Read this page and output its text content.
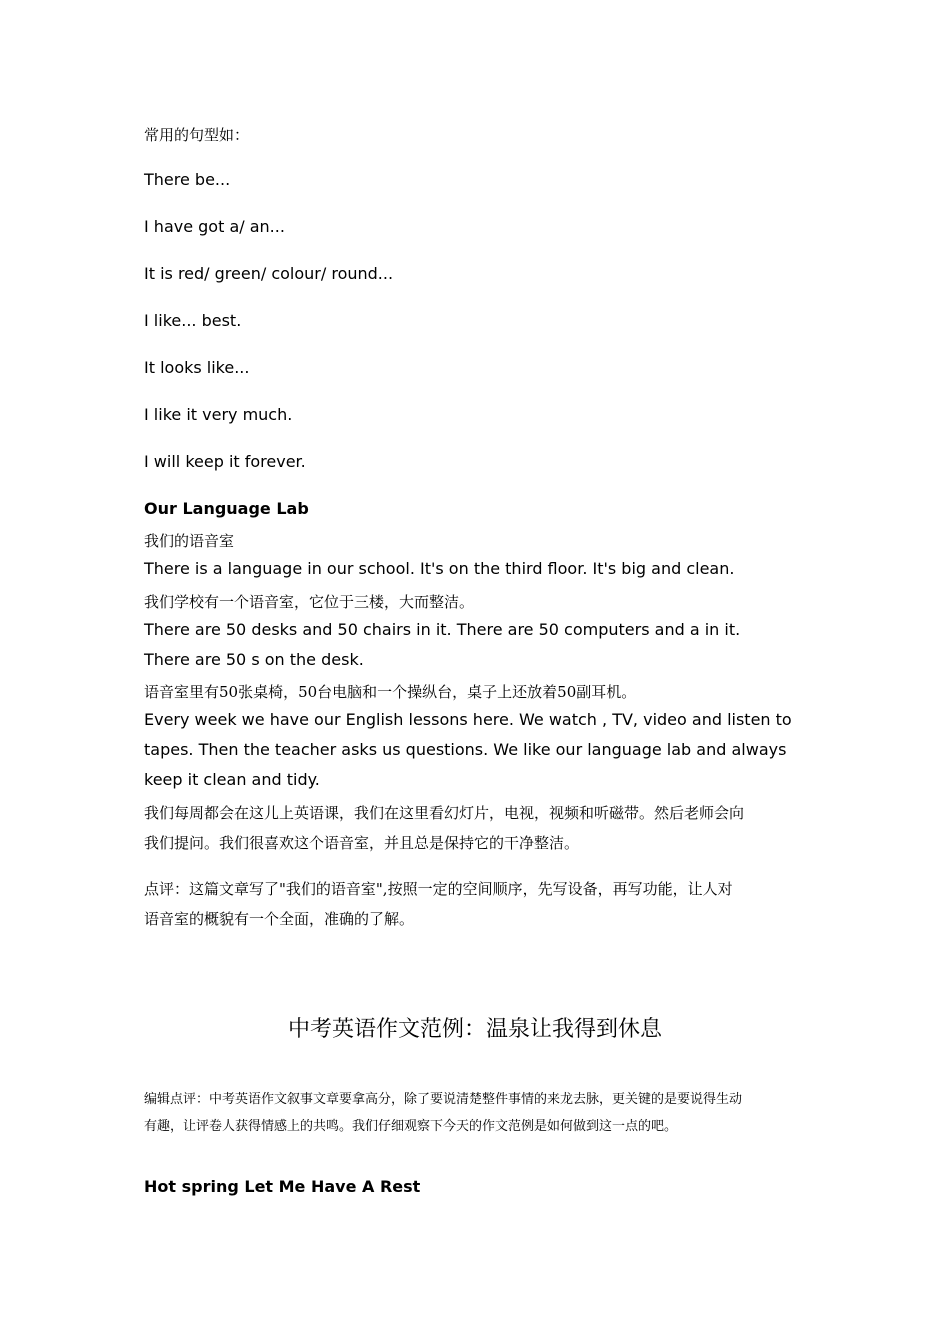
常用的句型如：

There be...

I have got a/ an...

It is red/ green/ colour/ round...

I like... best.

It looks like...

I like it very much.

I will keep it forever.

Our Language Lab

我们的语音室

There is a language in our school. It's on the third floor. It's big and clean.

我们学校有一个语音室，它位于三楼，大而整洁。

There are 50 desks and 50 chairs in it. There are 50 computers and a in it.

There are 50 s on the desk.

语音室里有50张桌椅，50台电脑和一个操纵台，桌子上还放着50副耳机。

Every week we have our English lessons here. We watch , TV, video and listen to

tapes. Then the teacher asks us questions. We like our language lab and always

keep it clean and tidy.

我们每周都会在这儿上英语课，我们在这里看幻灯片，电视，视频和听磁带。然后老师会向

我们提问。我们很喜欢这个语音室，并且总是保持它的干净整洁。

点评：这篇文章写了"我们的语音室",按照一定的空间顺序，先写设备，再写功能，让人对

语音室的概貌有一个全面，准确的了解。

中考英语作文范例：温泉让我得到休息

编辑点评：中考英语作文叙事文章要拿高分，除了要说清楚整件事情的来龙去脉，更关键的是要说得生动

有趣，让评卷人获得情感上的共鸣。我们仔细观察下今天的作文范例是如何做到这一点的吧。

Hot spring Let Me Have A Rest
